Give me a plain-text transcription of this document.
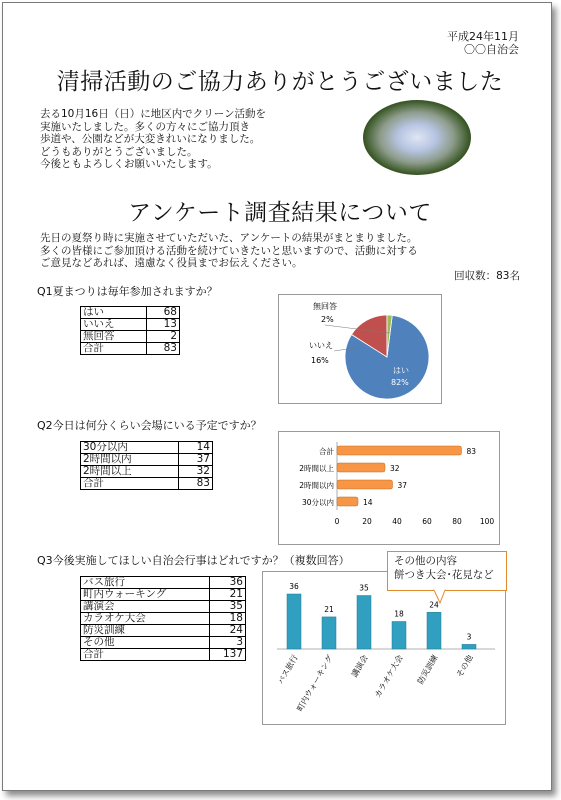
平成24年11月
〇〇自治会
清掃活動のご協力ありがとうございました
去る10月16日（日）に地区内でクリーン活動を
実施いたしました。多くの方々にご協力頂き
歩道や、公園などが大変きれいになりました。
どうもありがとうございました。
今後ともよろしくお願いいたします。
アンケート調査結果について
先日の夏祭り時に実施させていただいた、アンケートの結果がまとまりました。
多くの皆様にご参加頂ける活動を続けていきたいと思いますので、活動に対する
ご意見などあれば、遠慮なく役員までお伝えください。
回収数：83名
Q1夏まつりは毎年参加されますか？
はい	68
いいえ	13
無回答	2
合計	83
無回答
2%
いいえ
16%
はい
82%
Q2今日は何分くらい会場にいる予定ですか？
30分以内	14
2時間以内	37
2時間以上	32
合計	83
30分以内	14
2時間以内	37
2時間以上	32
合計	83
0	20	40	60	80 100
Q3今後実施してほしい自治会行事はどれですか？（複数回答）
バス旅行	36
町内ウォーキング	21
講演会	35
カラオケ大会	18
防災訓練	24
その他	3
合計	137
36
バス旅行
21
町内ウォーキング
35
講演会
18
カラオケ大会
24
防災訓練
3
その他
その他の内容
餅つき大会･花見など
